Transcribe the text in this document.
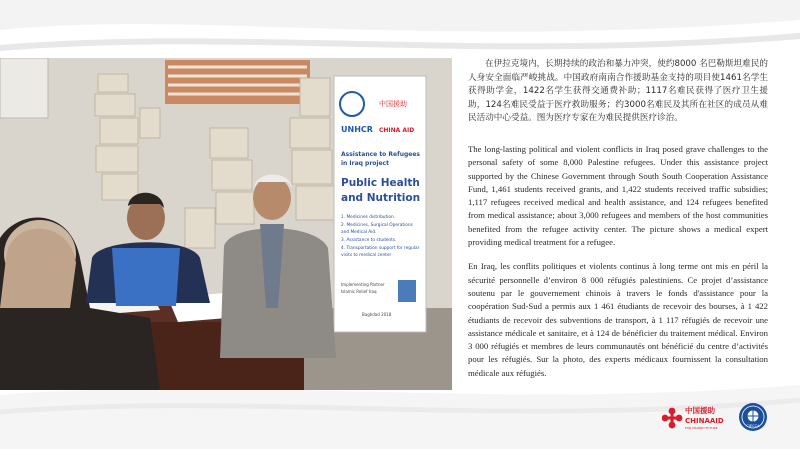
UNHCR
中国援助
CHINA AID
Assistance to Refugees
in Iraq project
Public Health
and Nutrition
1. Medicines distribution.
2. Medicines, Surgical Operations
and Medical Aid.
3. Assistance to students.
4. Transportation support for regular
visits to medical center
Implementing Partner
Islamic Relief Iraq
Baghdad 2018

在伊拉克境内，长期持续的政治和暴力冲突，使约8000 名巴勒斯坦难民的人身安全面临严峻挑战。中国政府南南合作援助基金支持的项目使1461名学生获得助学金，1422名学生获得交通费补助；1117名难民获得了医疗卫生援助，124名难民受益于医疗救助服务；约3000名难民及其所在社区的成员从难民活动中心受益。图为医疗专家在为难民提供医疗诊治。

The long-lasting political and violent conflicts in Iraq posed grave challenges to the personal safety of some 8,000 Palestine refugees. Under this assistance project supported by the Chinese Government through South South Cooperation Assistance Fund, 1,461 students received grants, and 1,422 students received traffic subsidies; 1,117 refugees received medical and health assistance, and 124 refugees benefited from medical assistance; about 3,000 refugees and members of the host communities benefited from the refugee activity center. The picture shows a medical expert providing medical treatment for a refugee.

En Iraq, les conflits politiques et violents continus à long terme ont mis en péril la sécurité personnelle d’environ 8 000 réfugiés palestiniens. Ce projet d’assistance soutenu par le gouvernement chinois à travers le fonds d'assistance pour la coopération Sud-Sud a permis aux 1 461 étudiants de recevoir des bourses, à 1 422 étudiants de recevoir des subventions de transport, à 1 117 réfugiés de recevoir une assistance médicale et sanitaire, et à 124 de bénéficier du traitement médical. Environ 3 000 réfugiés et membres de leurs communautés ont bénéficié du centre d’activités pour les réfugiés. Sur la photo, des experts médicaux fournissent la consultation médicale aux réfugiés.

中国援助
CHINAAID
FOR SHARED FUTURE	CIECCA
